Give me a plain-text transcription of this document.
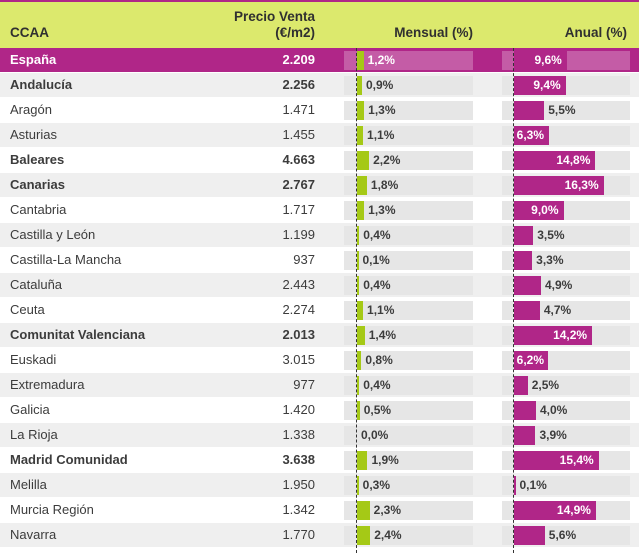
CCAA
Precio Venta
(€/m2)	Mensual (%)	Anual (%)
España	2.209	1,2%	9,6%
Andalucía	2.256	0,9%	9,4%
Aragón	1.471	1,3%	5,5%
Asturias	1.455	1,1%	6,3%
Baleares	4.663	2,2%	14,8%
Canarias	2.767	1,8%	16,3%
Cantabria	1.717	1,3%	9,0%
Castilla y León	1.199	0,4%	3,5%
Castilla-La Mancha	937	0,1%	3,3%
Cataluña	2.443	0,4%	4,9%
Ceuta	2.274	1,1%	4,7%
Comunitat Valenciana	2.013	1,4%	14,2%
Euskadi	3.015	0,8%	6,2%
Extremadura	977	0,4%	2,5%
Galicia	1.420	0,5%	4,0%
La Rioja	1.338	0,0%	3,9%
Madrid Comunidad	3.638	1,9%	15,4%
Melilla	1.950	0,3%	0,1%
Murcia Región	1.342	2,3%	14,9%
Navarra	1.770	2,4%	5,6%
